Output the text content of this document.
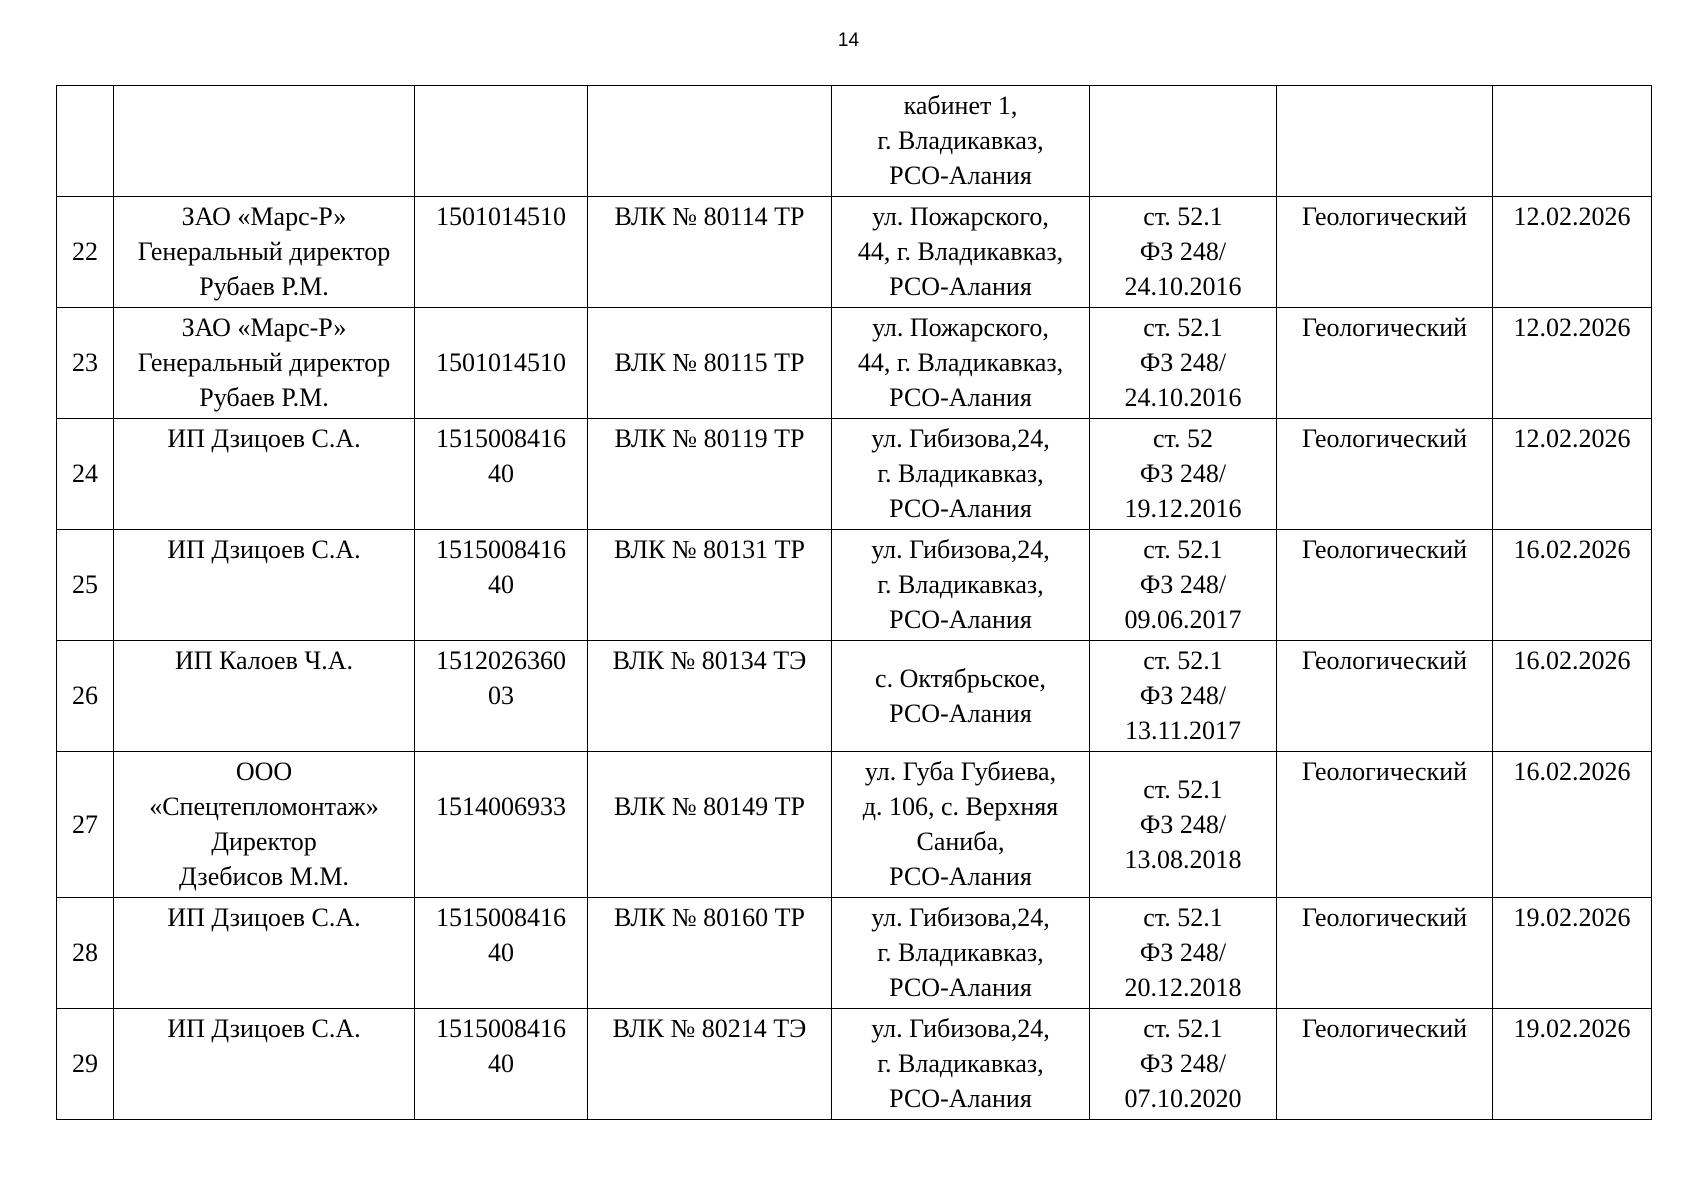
14
				кабинет 1,
г. Владикавказ,
РСО-Алания			
22	ЗАО «Марс-Р»
Генеральный директор
Рубаев Р.М.	1501014510	ВЛК № 80114 ТР	ул. Пожарского,
44, г. Владикавказ,
РСО-Алания	ст. 52.1
ФЗ 248/
24.10.2016	Геологический	12.02.2026
23	ЗАО «Марс-Р»
Генеральный директор
Рубаев Р.М.	1501014510	ВЛК № 80115 ТР	ул. Пожарского,
44, г. Владикавказ,
РСО-Алания	ст. 52.1
ФЗ 248/
24.10.2016	Геологический	12.02.2026
24	ИП Дзицоев С.А.	1515008416
40	ВЛК № 80119 ТР	ул. Гибизова,24,
г. Владикавказ,
РСО-Алания	ст. 52
ФЗ 248/
19.12.2016	Геологический	12.02.2026
25	ИП Дзицоев С.А.	1515008416
40	ВЛК № 80131 ТР	ул. Гибизова,24,
г. Владикавказ,
РСО-Алания	ст. 52.1
ФЗ 248/
09.06.2017	Геологический	16.02.2026
26	ИП Калоев Ч.А.	1512026360
03	ВЛК № 80134 ТЭ	с. Октябрьское,
РСО-Алания	ст. 52.1
ФЗ 248/
13.11.2017	Геологический	16.02.2026
27	ООО
«Спецтепломонтаж»
Директор
Дзебисов М.М.	1514006933	ВЛК № 80149 ТР	ул. Губа Губиева,
д. 106, с. Верхняя
Саниба,
РСО-Алания	ст. 52.1
ФЗ 248/
13.08.2018	Геологический	16.02.2026
28	ИП Дзицоев С.А.	1515008416
40	ВЛК № 80160 ТР	ул. Гибизова,24,
г. Владикавказ,
РСО-Алания	ст. 52.1
ФЗ 248/
20.12.2018	Геологический	19.02.2026
29	ИП Дзицоев С.А.	1515008416
40	ВЛК № 80214 ТЭ	ул. Гибизова,24,
г. Владикавказ,
РСО-Алания	ст. 52.1
ФЗ 248/
07.10.2020	Геологический	19.02.2026
